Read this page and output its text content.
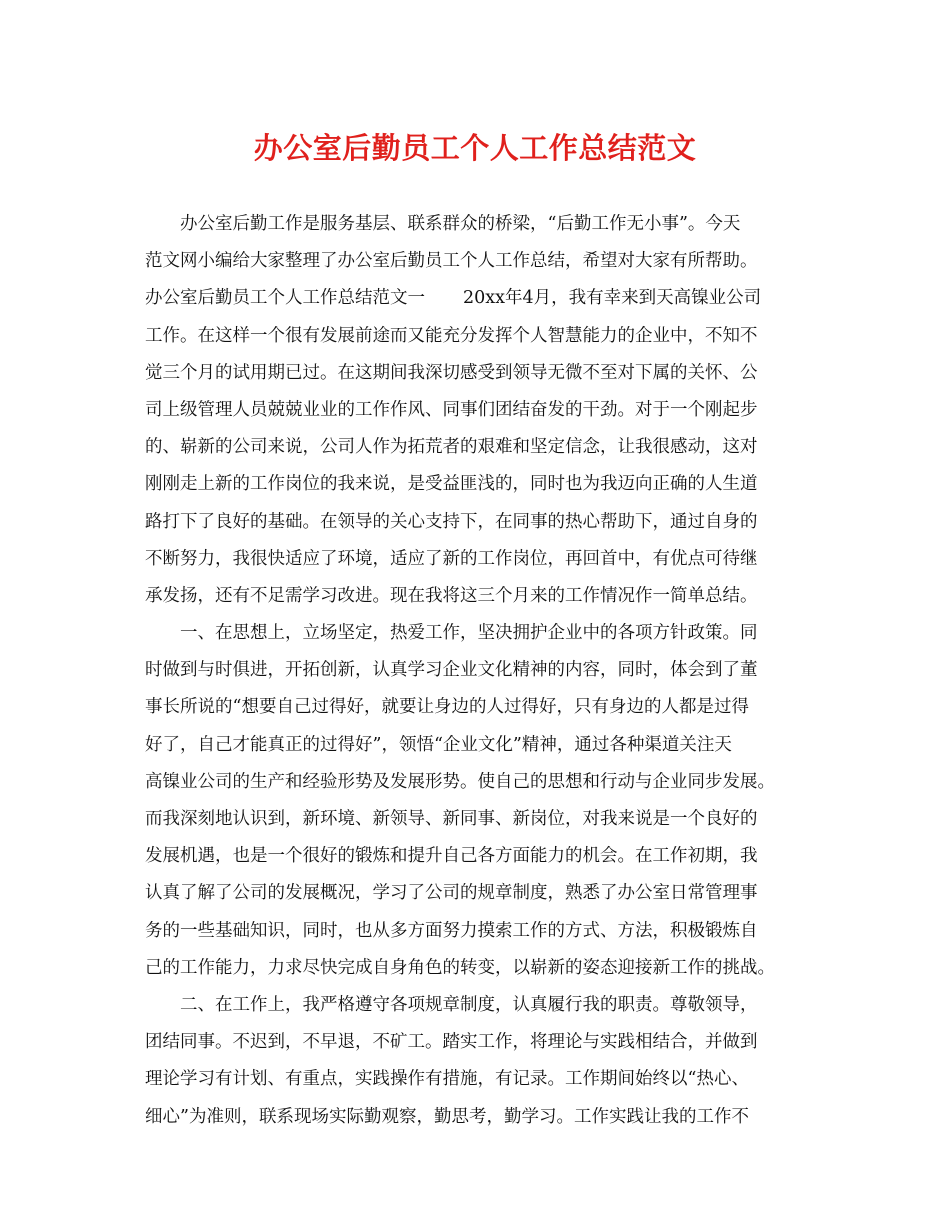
办公室后勤员工个人工作总结范文

办公室后勤工作是服务基层、联系群众的桥梁，“后勤工作无小事”。今天

范文网小编给大家整理了办公室后勤员工个人工作总结，希望对大家有所帮助。

办公室后勤员工个人工作总结范文一 20xx年4月，我有幸来到天高镍业公司

工作。在这样一个很有发展前途而又能充分发挥个人智慧能力的企业中，不知不

觉三个月的试用期已过。在这期间我深切感受到领导无微不至对下属的关怀、公

司上级管理人员兢兢业业的工作作风、同事们团结奋发的干劲。对于一个刚起步

的、崭新的公司来说，公司人作为拓荒者的艰难和坚定信念，让我很感动，这对

刚刚走上新的工作岗位的我来说，是受益匪浅的，同时也为我迈向正确的人生道

路打下了良好的基础。在领导的关心支持下，在同事的热心帮助下，通过自身的

不断努力，我很快适应了环境，适应了新的工作岗位，再回首中，有优点可待继

承发扬，还有不足需学习改进。现在我将这三个月来的工作情况作一简单总结。

一、在思想上，立场坚定，热爱工作，坚决拥护企业中的各项方针政策。同

时做到与时俱进，开拓创新，认真学习企业文化精神的内容，同时，体会到了董

事长所说的“想要自己过得好，就要让身边的人过得好，只有身边的人都是过得

好了，自己才能真正的过得好”，领悟“企业文化”精神，通过各种渠道关注天

高镍业公司的生产和经验形势及发展形势。使自己的思想和行动与企业同步发展。

而我深刻地认识到，新环境、新领导、新同事、新岗位，对我来说是一个良好的

发展机遇，也是一个很好的锻炼和提升自己各方面能力的机会。在工作初期，我

认真了解了公司的发展概况，学习了公司的规章制度，熟悉了办公室日常管理事

务的一些基础知识，同时，也从多方面努力摸索工作的方式、方法，积极锻炼自

己的工作能力，力求尽快完成自身角色的转变，以崭新的姿态迎接新工作的挑战。

二、在工作上，我严格遵守各项规章制度，认真履行我的职责。尊敬领导，

团结同事。不迟到，不早退，不矿工。踏实工作，将理论与实践相结合，并做到

理论学习有计划、有重点，实践操作有措施，有记录。工作期间始终以“热心、

细心”为准则，联系现场实际勤观察，勤思考，勤学习。工作实践让我的工作不
